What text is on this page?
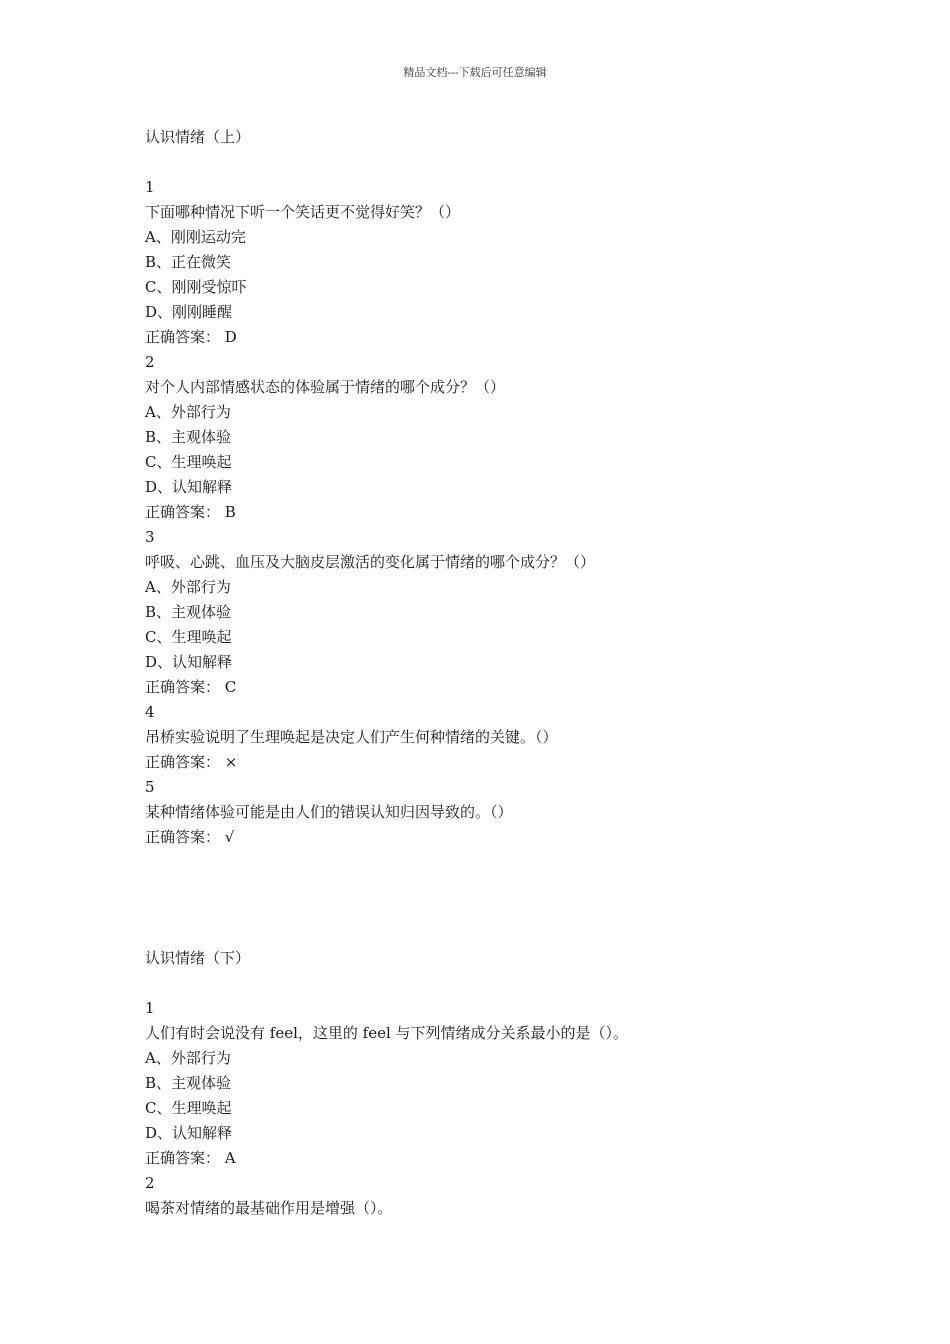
精品文档---下载后可任意编辑
认识情绪（上）
1
下面哪种情况下听一个笑话更不觉得好笑？（）
A、刚刚运动完
B、正在微笑
C、刚刚受惊吓
D、刚刚睡醒
正确答案： D
2
对个人内部情感状态的体验属于情绪的哪个成分？（）
A、外部行为
B、主观体验
C、生理唤起
D、认知解释
正确答案： B
3
呼吸、心跳、血压及大脑皮层激活的变化属于情绪的哪个成分？（）
A、外部行为
B、主观体验
C、生理唤起
D、认知解释
正确答案： C
4
吊桥实验说明了生理唤起是决定人们产生何种情绪的关键。（）
正确答案： ×
5
某种情绪体验可能是由人们的错误认知归因导致的。（）
正确答案： √
认识情绪（下）
1
人们有时会说没有 feel，这里的 feel 与下列情绪成分关系最小的是（）。
A、外部行为
B、主观体验
C、生理唤起
D、认知解释
正确答案： A
2
喝茶对情绪的最基础作用是增强（）。
